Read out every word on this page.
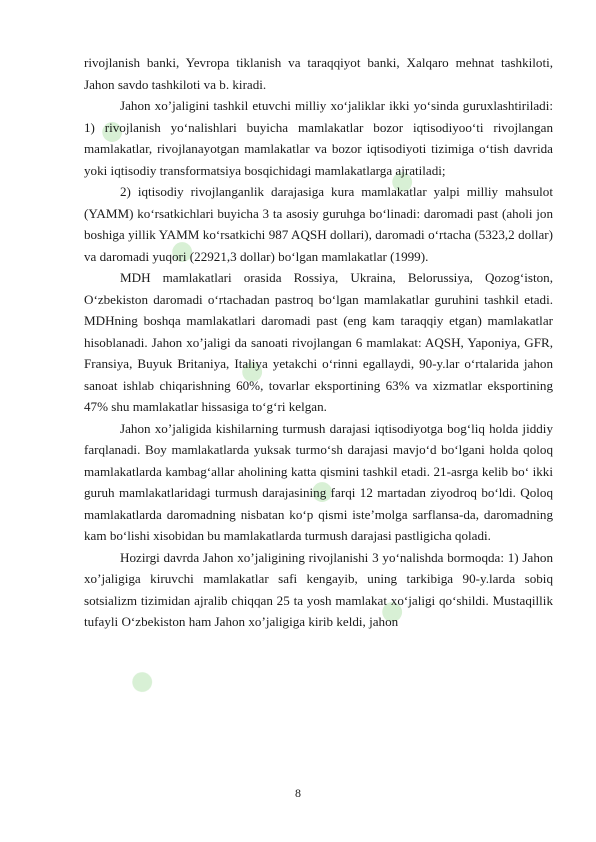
●
●
●
●
●
●
●

rivojlanish banki, Yevropa tiklanish va taraqqiyot banki, Xalqaro mehnat tashkiloti, Jahon savdo tashkiloti va b. kiradi.

Jahon xo’jaligini tashkil etuvchi milliy xo‘jaliklar ikki yo‘sinda guruxlashtiriladi: 1) rivojlanish yo‘nalishlari buyicha mamlakatlar bozor iqtisodiyoo‘ti rivojlangan mamlakatlar, rivojlanayotgan mamlakatlar va bozor iqtisodiyoti tizimiga o‘tish davrida yoki iqtisodiy transformatsiya bosqichidagi mamlakatlarga ajratiladi;

2) iqtisodiy rivojlanganlik darajasiga kura mamlakatlar yalpi milliy mahsulot (YAMM) ko‘rsatkichlari buyicha 3 ta asosiy guruhga bo‘linadi: daromadi past (aholi jon boshiga yillik YAMM ko‘rsatkichi 987 AQSH dollari), daromadi o‘rtacha (5323,2 dollar) va daromadi yuqori (22921,3 dollar) bo‘lgan mamlakatlar (1999).

MDH mamlakatlari orasida Rossiya, Ukraina, Belorussiya, Qozog‘iston, O‘zbekiston daromadi o‘rtachadan pastroq bo‘lgan mamlakatlar guruhini tashkil etadi. MDHning boshqa mamlakatlari daromadi past (eng kam taraqqiy etgan) mamlakatlar hisoblanadi. Jahon xo’jaligi da sanoati rivojlangan 6 mamlakat: AQSH, Yaponiya, GFR, Fransiya, Buyuk Britaniya, Italiya yetakchi o‘rinni egallaydi, 90-y.lar o‘rtalarida jahon sanoat ishlab chiqarishning 60%, tovarlar eksportining 63% va xizmatlar eksportining 47% shu mamlakatlar hissasiga to‘g‘ri kelgan.

Jahon xo’jaligida kishilarning turmush darajasi iqtisodiyotga bog‘liq holda jiddiy farqlanadi. Boy mamlakatlarda yuksak turmo‘sh darajasi mavjo‘d bo‘lgani holda qoloq mamlakatlarda kambag‘allar aholining katta qismini tashkil etadi. 21-asrga kelib bo‘ ikki guruh mamlakatlaridagi turmush darajasining farqi 12 martadan ziyodroq bo‘ldi. Qoloq mamlakatlarda daromadning nisbatan ko‘p qismi iste’molga sarflansa-da, daromadning kam bo‘lishi xisobidan bu mamlakatlarda turmush darajasi pastligicha qoladi.

Hozirgi davrda Jahon xo’jaligining rivojlanishi 3 yo‘nalishda bormoqda: 1) Jahon xo’jaligiga kiruvchi mamlakatlar safi kengayib, uning tarkibiga 90-y.larda sobiq sotsializm tizimidan ajralib chiqqan 25 ta yosh mamlakat xo‘jaligi qo‘shildi. Mustaqillik tufayli O‘zbekiston ham Jahon xo’jaligiga kirib keldi, jahon

8
